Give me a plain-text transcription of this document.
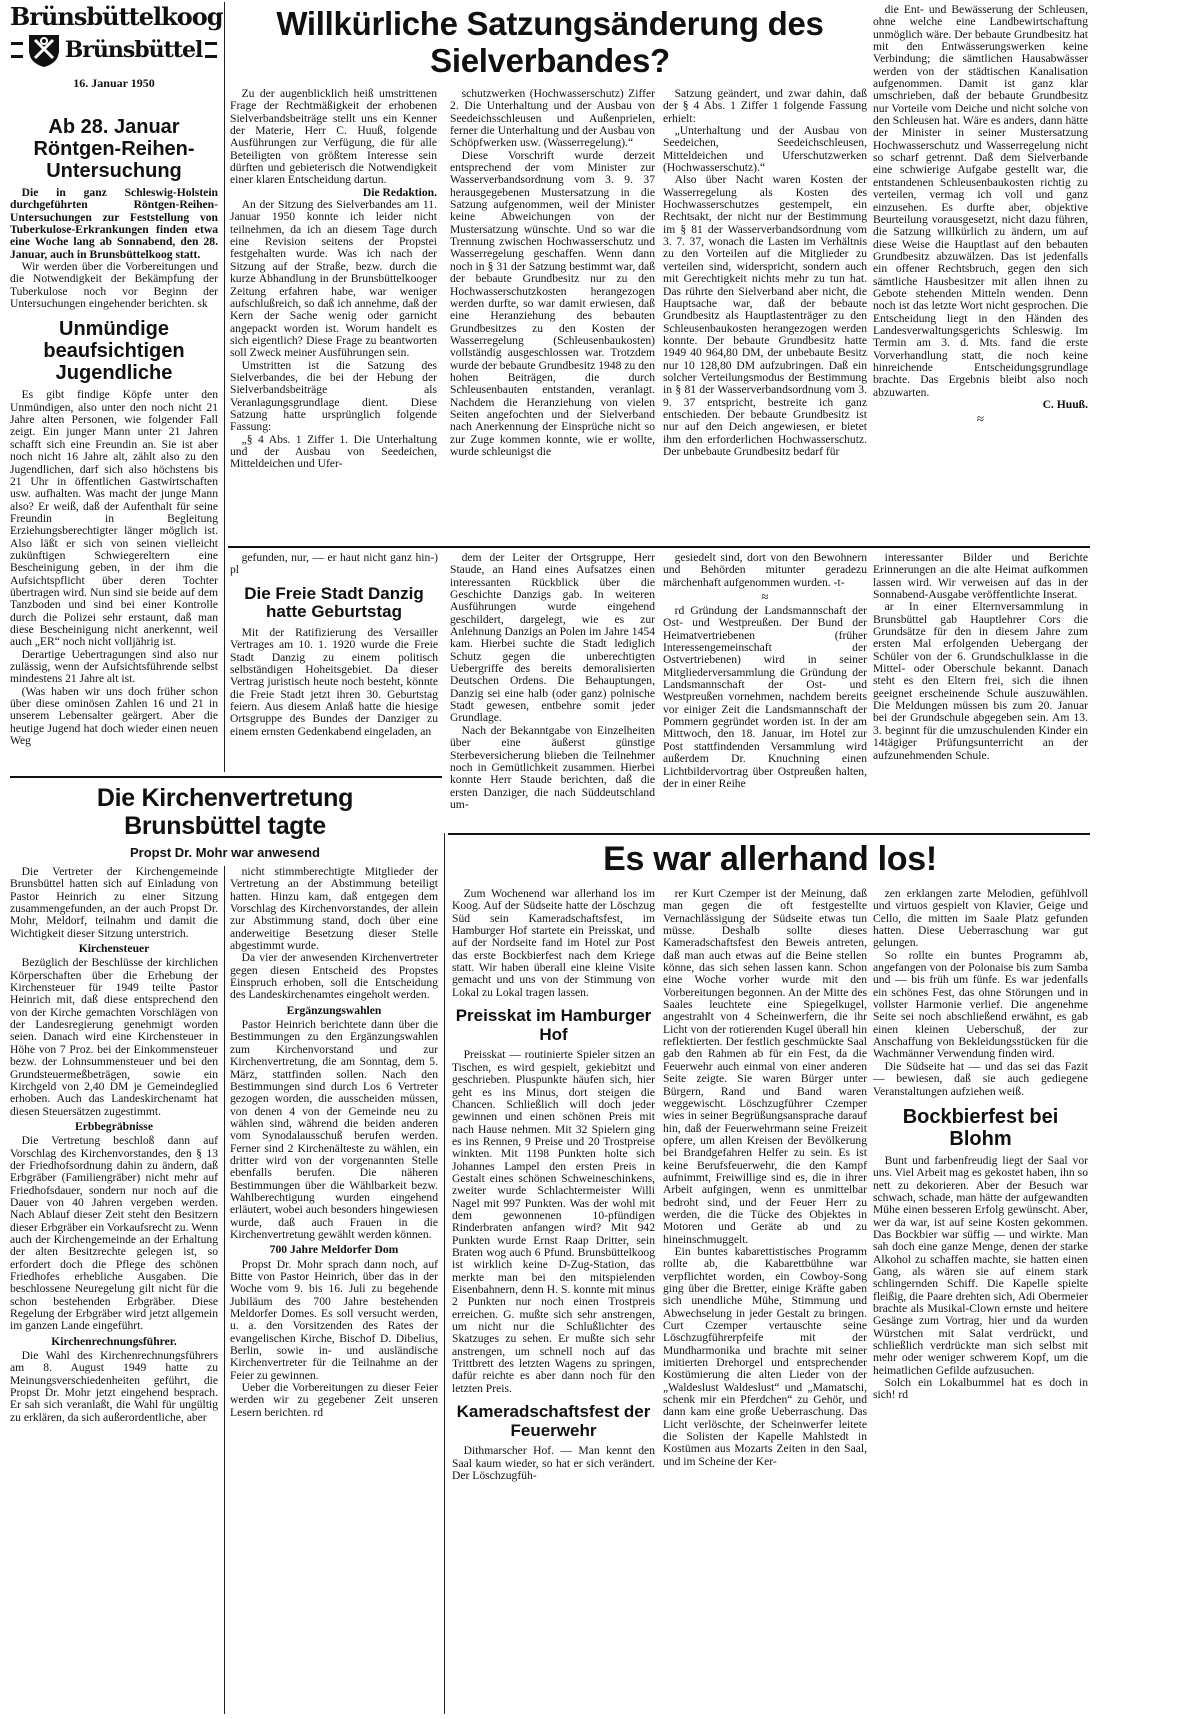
Brünsbüttelkoog
Brünsbüttel
16. Januar 1950
Ab 28. Januar Röntgen-Reihen-Untersuchung

Die in ganz Schleswig-Holstein durchgeführten Röntgen-Reihen-Untersuchungen zur Feststellung von Tuberkulose-Erkrankungen finden etwa eine Woche lang ab Sonnabend, den 28. Januar, auch in Brunsbüttelkoog statt.

Wir werden über die Vorbereitungen und die Notwendigkeit der Bekämpfung der Tuberkulose noch vor Beginn der Untersuchungen eingehender berichten. sk

Unmündige beaufsichtigen Jugendliche

Es gibt findige Köpfe unter den Unmündigen, also unter den noch nicht 21 Jahre alten Personen, wie folgender Fall zeigt. Ein junger Mann unter 21 Jahren schafft sich eine Freundin an. Sie ist aber noch nicht 16 Jahre alt, zählt also zu den Jugendlichen, darf sich also höchstens bis 21 Uhr in öffentlichen Gastwirtschaften usw. aufhalten. Was macht der junge Mann also? Er weiß, daß der Aufenthalt für seine Freundin in Begleitung Erziehungsberechtigter länger möglich ist. Also läßt er sich von seinen vielleicht zukünftigen Schwiegereltern eine Bescheinigung geben, in der ihm die Aufsichtspflicht über deren Tochter übertragen wird. Nun sind sie beide auf dem Tanzboden und sind bei einer Kontrolle durch die Polizei sehr erstaunt, daß man diese Bescheinigung nicht anerkennt, weil auch „ER“ noch nicht volljährig ist.

Derartige Uebertragungen sind also nur zulässig, wenn der Aufsichtsführende selbst mindestens 21 Jahre alt ist.

(Was haben wir uns doch früher schon über diese ominösen Zahlen 16 und 21 in unserem Lebensalter geärgert. Aber die heutige Jugend hat doch wieder einen neuen Weg

Willkürliche Satzungsänderung des Sielverbandes?

Zu der augenblicklich heiß umstrittenen Frage der Rechtmäßigkeit der erhobenen Sielverbandsbeiträge stellt uns ein Kenner der Materie, Herr C. Huuß, folgende Ausführungen zur Verfügung, die für alle Beteiligten von größtem Interesse sein dürften und gebieterisch die Notwendigkeit einer klaren Entscheidung dartun.

Die Redaktion.

An der Sitzung des Sielverbandes am 11. Januar 1950 konnte ich leider nicht teilnehmen, da ich an diesem Tage durch eine Revision seitens der Propstei festgehalten wurde. Was ich nach der Sitzung auf der Straße, bezw. durch die kurze Abhandlung in der Brunsbüttelkooger Zeitung erfahren habe, war weniger aufschlußreich, so daß ich annehme, daß der Kern der Sache wenig oder garnicht angepackt worden ist. Worum handelt es sich eigentlich? Diese Frage zu beantworten soll Zweck meiner Ausführungen sein.

Umstritten ist die Satzung des Sielverbandes, die bei der Hebung der Sielverbandsbeiträge als Veranlagungsgrundlage dient. Diese Satzung hatte ursprünglich folgende Fassung:

„§ 4 Abs. 1 Ziffer 1. Die Unterhaltung und der Ausbau von Seedeichen, Mitteldeichen und Ufer-

schutzwerken (Hochwasserschutz) Ziffer 2. Die Unterhaltung und der Ausbau von Seedeichsschleusen und Außenprielen, ferner die Unterhaltung und der Ausbau von Schöpfwerken usw. (Wasserregelung).“

Diese Vorschrift wurde derzeit entsprechend der vom Minister zur Wasserverbandsordnung vom 3. 9. 37 herausgegebenen Mustersatzung in die Satzung aufgenommen, weil der Minister keine Abweichungen von der Mustersatzung wünschte. Und so war die Trennung zwischen Hochwasserschutz und Wasserregelung geschaffen. Wenn dann noch in § 31 der Satzung bestimmt war, daß der bebaute Grundbesitz nur zu den Hochwasserschutzkosten herangezogen werden durfte, so war damit erwiesen, daß eine Heranziehung des bebauten Grundbesitzes zu den Kosten der Wasserregelung (Schleusenbaukosten) vollständig ausgeschlossen war. Trotzdem wurde der bebaute Grundbesitz 1948 zu den hohen Beiträgen, die durch Schleusenbauten entstanden, veranlagt. Nachdem die Heranziehung von vielen Seiten angefochten und der Sielverband nach Anerkennung der Einsprüche nicht so zur Zuge kommen konnte, wie er wollte, wurde schleunigst die

Satzung geändert, und zwar dahin, daß der § 4 Abs. 1 Ziffer 1 folgende Fassung erhielt:

„Unterhaltung und der Ausbau von Seedeichen, Seedeichschleusen, Mitteldeichen und Uferschutzwerken (Hochwasserschutz).“

Also über Nacht waren Kosten der Wasserregelung als Kosten des Hochwasserschutzes gestempelt, ein Rechtsakt, der nicht nur der Bestimmung im § 81 der Wasserverbandsordnung vom 3. 7. 37, wonach die Lasten im Verhältnis zu den Vorteilen auf die Mitglieder zu verteilen sind, widerspricht, sondern auch mit Gerechtigkeit nichts mehr zu tun hat. Das rührte den Sielverband aber nicht, die Hauptsache war, daß der bebaute Grundbesitz als Hauptlastenträger zu den Schleusenbaukosten herangezogen werden konnte. Der bebaute Grundbesitz hatte 1949 40 964,80 DM, der unbebaute Besitz nur 10 128,80 DM aufzubringen. Daß ein solcher Verteilungsmodus der Bestimmung in § 81 der Wasserverbandsordnung vom 3. 9. 37 entspricht, bestreite ich ganz entschieden. Der bebaute Grundbesitz ist nur auf den Deich angewiesen, er bietet ihm den erforderlichen Hochwasserschutz. Der unbebaute Grundbesitz bedarf für

die Ent- und Bewässerung der Schleusen, ohne welche eine Landbewirtschaftung unmöglich wäre. Der bebaute Grundbesitz hat mit den Entwässerungswerken keine Verbindung; die sämtlichen Hausabwässer werden von der städtischen Kanalisation aufgenommen. Damit ist ganz klar umschrieben, daß der bebaute Grundbesitz nur Vorteile vom Deiche und nicht solche von den Schleusen hat. Wäre es anders, dann hätte der Minister in seiner Mustersatzung Hochwasserschutz und Wasserregelung nicht so scharf getrennt. Daß dem Sielverbande eine schwierige Aufgabe gestellt war, die entstandenen Schleusenbaukosten richtig zu verteilen, vermag ich voll und ganz einzusehen. Es durfte aber, objektive Beurteilung vorausgesetzt, nicht dazu führen, die Satzung willkürlich zu ändern, um auf diese Weise die Hauptlast auf den bebauten Grundbesitz abzuwälzen. Das ist jedenfalls ein offener Rechtsbruch, gegen den sich sämtliche Hausbesitzer mit allen ihnen zu Gebote stehenden Mitteln wenden. Denn noch ist das letzte Wort nicht gesprochen. Die Entscheidung liegt in den Händen des Landesverwaltungsgerichts Schleswig. Im Termin am 3. d. Mts. fand die erste Vorverhandlung statt, die noch keine hinreichende Entscheidungsgrundlage brachte. Das Ergebnis bleibt also noch abzuwarten.

C. Huuß.

≈

gefunden, nur, — er haut nicht ganz hin-) pl

Die Freie Stadt Danzig hatte Geburtstag

Mit der Ratifizierung des Versailler Vertrages am 10. 1. 1920 wurde die Freie Stadt Danzig zu einem politisch selbständigen Hoheitsgebiet. Da dieser Vertrag juristisch heute noch besteht, könnte die Freie Stadt jetzt ihren 30. Geburtstag feiern. Aus diesem Anlaß hatte die hiesige Ortsgruppe des Bundes der Danziger zu einem ernsten Gedenkabend eingeladen, an

dem der Leiter der Ortsgruppe, Herr Staude, an Hand eines Aufsatzes einen interessanten Rückblick über die Geschichte Danzigs gab. In weiteren Ausführungen wurde eingehend geschildert, dargelegt, wie es zur Anlehnung Danzigs an Polen im Jahre 1454 kam. Hierbei suchte die Stadt lediglich Schutz gegen die unberechtigten Uebergriffe des bereits demoralisierten Deutschen Ordens. Die Behauptungen, Danzig sei eine halb (oder ganz) polnische Stadt gewesen, entbehre somit jeder Grundlage.

Nach der Bekanntgabe von Einzelheiten über eine äußerst günstige Sterbeversicherung blieben die Teilnehmer noch in Gemütlichkeit zusammen. Hierbei konnte Herr Staude berichten, daß die ersten Danziger, die nach Süddeutschland um-

gesiedelt sind, dort von den Bewohnern und Behörden mitunter geradezu märchenhaft aufgenommen wurden. -t-

≈

rd Gründung der Landsmannschaft der Ost- und Westpreußen. Der Bund der Heimatvertriebenen (früher Interessengemeinschaft der Ostvertriebenen) wird in seiner Mitgliederversammlung die Gründung der Landsmannschaft der Ost- und Westpreußen vornehmen, nachdem bereits vor einiger Zeit die Landsmannschaft der Pommern gegründet worden ist. In der am Mittwoch, den 18. Januar, im Hotel zur Post stattfindenden Versammlung wird außerdem Dr. Knuchning einen Lichtbildervortrag über Ostpreußen halten, der in einer Reihe

interessanter Bilder und Berichte Erinnerungen an die alte Heimat aufkommen lassen wird. Wir verweisen auf das in der Sonnabend-Ausgabe veröffentlichte Inserat.

ar In einer Elternversammlung in Brunsbüttel gab Hauptlehrer Cors die Grundsätze für den in diesem Jahre zum ersten Mal erfolgenden Uebergang der Schüler von der 6. Grundschulklasse in die Mittel- oder Oberschule bekannt. Danach steht es den Eltern frei, sich die ihnen geeignet erscheinende Schule auszuwählen. Die Meldungen müssen bis zum 20. Januar bei der Grundschule abgegeben sein. Am 13. 3. beginnt für die umzuschulenden Kinder ein 14tägiger Prüfungsunterricht an der aufzunehmenden Schule.

Die Kirchenvertretung Brunsbüttel tagte
Propst Dr. Mohr war anwesend

Die Vertreter der Kirchengemeinde Brunsbüttel hatten sich auf Einladung von Pastor Heinrich zu einer Sitzung zusammengefunden, an der auch Propst Dr. Mohr, Meldorf, teilnahm und damit die Wichtigkeit dieser Sitzung unterstrich.

Kirchensteuer

Bezüglich der Beschlüsse der kirchlichen Körperschaften über die Erhebung der Kirchensteuer für 1949 teilte Pastor Heinrich mit, daß diese entsprechend den von der Kirche gemachten Vorschlägen von der Landesregierung genehmigt worden seien. Danach wird eine Kirchensteuer in Höhe von 7 Proz. bei der Einkommensteuer bezw. der Lohnsummensteuer und bei den Grundsteuermeßbeträgen, sowie ein Kirchgeld von 2,40 DM je Gemeindeglied erhoben. Auch das Landeskirchenamt hat diesen Steuersätzen zugestimmt.

Erbbegräbnisse

Die Vertretung beschloß dann auf Vorschlag des Kirchenvorstandes, den § 13 der Friedhofsordnung dahin zu ändern, daß Erbgräber (Familiengräber) nicht mehr auf Friedhofsdauer, sondern nur noch auf die Dauer von 40 Jahren vergeben werden. Nach Ablauf dieser Zeit steht den Besitzern dieser Erbgräber ein Vorkaufsrecht zu. Wenn auch der Kirchengemeinde an der Erhaltung der alten Besitzrechte gelegen ist, so erfordert doch die Pflege des schönen Friedhofes erhebliche Ausgaben. Die beschlossene Neuregelung gilt nicht für die schon bestehenden Erbgräber. Diese Regelung der Erbgräber wird jetzt allgemein im ganzen Lande eingeführt.

Kirchenrechnungsführer.

Die Wahl des Kirchenrechnungsführers am 8. August 1949 hatte zu Meinungsverschiedenheiten geführt, die Propst Dr. Mohr jetzt eingehend besprach. Er sah sich veranlaßt, die Wahl für ungültig zu erklären, da sich außerordentliche, aber

nicht stimmberechtigte Mitglieder der Vertretung an der Abstimmung beteiligt hatten. Hinzu kam, daß entgegen dem Vorschlag des Kirchenvorstandes, der allein zur Abstimmung stand, doch über eine anderweitige Besetzung dieser Stelle abgestimmt wurde.

Da vier der anwesenden Kirchenvertreter gegen diesen Entscheid des Propstes Einspruch erhoben, soll die Entscheidung des Landeskirchenamtes eingeholt werden.

Ergänzungswahlen

Pastor Heinrich berichtete dann über die Bestimmungen zu den Ergänzungswahlen zum Kirchenvorstand und zur Kirchenvertretung, die am Sonntag, dem 5. März, stattfinden sollen. Nach den Bestimmungen sind durch Los 6 Vertreter gezogen worden, die ausscheiden müssen, von denen 4 von der Gemeinde neu zu wählen sind, während die beiden anderen vom Synodalausschuß berufen werden. Ferner sind 2 Kirchenälteste zu wählen, ein dritter wird von der vorgenannten Stelle ebenfalls berufen. Die näheren Bestimmungen über die Wählbarkeit bezw. Wahlberechtigung wurden eingehend erläutert, wobei auch besonders hingewiesen wurde, daß auch Frauen in die Kirchenvertretung gewählt werden können.

700 Jahre Meldorfer Dom

Propst Dr. Mohr sprach dann noch, auf Bitte von Pastor Heinrich, über das in der Woche vom 9. bis 16. Juli zu begehende Jubiläum des 700 Jahre bestehenden Meldorfer Domes. Es soll versucht werden, u. a. den Vorsitzenden des Rates der evangelischen Kirche, Bischof D. Dibelius, Berlin, sowie in- und ausländische Kirchenvertreter für die Teilnahme an der Feier zu gewinnen.

Ueber die Vorbereitungen zu dieser Feier werden wir zu gegebener Zeit unseren Lesern berichten. rd

Es war allerhand los!

Zum Wochenend war allerhand los im Koog. Auf der Südseite hatte der Löschzug Süd sein Kameradschaftsfest, im Hamburger Hof startete ein Preisskat, und auf der Nordseite fand im Hotel zur Post das erste Bockbierfest nach dem Kriege statt. Wir haben überall eine kleine Visite gemacht und uns von der Stimmung von Lokal zu Lokal tragen lassen.

Preisskat im Hamburger Hof

Preisskat — routinierte Spieler sitzen an Tischen, es wird gespielt, gekiebitzt und geschrieben. Pluspunkte häufen sich, hier geht es ins Minus, dort steigen die Chancen. Schließlich will doch jeder gewinnen und einen schönen Preis mit nach Hause nehmen. Mit 32 Spielern ging es ins Rennen, 9 Preise und 20 Trostpreise winkten. Mit 1198 Punkten holte sich Johannes Lampel den ersten Preis in Gestalt eines schönen Schweineschinkens, zweiter wurde Schlachtermeister Willi Nagel mit 997 Punkten. Was der wohl mit dem gewonnenen 10-pfündigen Rinderbraten anfangen wird? Mit 942 Punkten wurde Ernst Raap Dritter, sein Braten wog auch 6 Pfund. Brunsbüttelkoog ist wirklich keine D-Zug-Station, das merkte man bei den mitspielenden Eisenbahnern, denn H. S. konnte mit minus 2 Punkten nur noch einen Trostpreis erreichen. G. mußte sich sehr anstrengen, um nicht nur die Schlußlichter des Skatzuges zu sehen. Er mußte sich sehr anstrengen, um schnell noch auf das Trittbrett des letzten Wagens zu springen, dafür reichte es aber dann noch für den letzten Preis.

Kameradschaftsfest der Feuerwehr

Dithmarscher Hof. — Man kennt den Saal kaum wieder, so hat er sich verändert. Der Löschzugfüh-

rer Kurt Czemper ist der Meinung, daß man gegen die oft festgestellte Vernachlässigung der Südseite etwas tun müsse. Deshalb sollte dieses Kameradschaftsfest den Beweis antreten, daß man auch etwas auf die Beine stellen könne, das sich sehen lassen kann. Schon eine Woche vorher wurde mit den Vorbereitungen begonnen. An der Mitte des Saales leuchtete eine Spiegelkugel, angestrahlt von 4 Scheinwerfern, die ihr Licht von der rotierenden Kugel überall hin reflektierten. Der festlich geschmückte Saal gab den Rahmen ab für ein Fest, da die Feuerwehr auch einmal von einer anderen Seite zeigte. Sie waren Bürger unter Bürgern, Rand und Band waren weggewischt. Löschzugführer Czemper wies in seiner Begrüßungsansprache darauf hin, daß der Feuerwehrmann seine Freizeit opfere, um allen Kreisen der Bevölkerung bei Brandgefahren Helfer zu sein. Es ist keine Berufsfeuerwehr, die den Kampf aufnimmt, Freiwillige sind es, die in ihrer Arbeit aufgingen, wenn es unmittelbar bedroht sind, und der Feuer Herr zu werden, die die Tücke des Objektes in Motoren und Geräte ab und zu hineinschmuggelt.

Ein buntes kabarettistisches Programm rollte ab, die Kabarettbühne war verpflichtet worden, ein Cowboy-Song ging über die Bretter, einige Kräfte gaben sich unendliche Mühe, Stimmung und Abwechselung in jeder Gestalt zu bringen. Curt Czemper vertauschte seine Löschzugführerpfeife mit der Mundharmonika und brachte mit seiner imitierten Drehorgel und entsprechender Kostümierung die alten Lieder von der „Waldeslust Waldeslust“ und „Mamatschi, schenk mir ein Pferdchen“ zu Gehör, und dann kam eine große Ueberraschung. Das Licht verlöschte, der Scheinwerfer leitete die Solisten der Kapelle Mahlstedt in Kostümen aus Mozarts Zeiten in den Saal, und im Scheine der Ker-

zen erklangen zarte Melodien, gefühlvoll und virtuos gespielt von Klavier, Geige und Cello, die mitten im Saale Platz gefunden hatten. Diese Ueberraschung war gut gelungen.

So rollte ein buntes Programm ab, angefangen von der Polonaise bis zum Samba und — bis früh um fünfe. Es war jedenfalls ein schönes Fest, das ohne Störungen und in vollster Harmonie verlief. Die angenehme Seite sei noch abschließend erwähnt, es gab einen kleinen Ueberschuß, der zur Anschaffung von Bekleidungsstücken für die Wachmänner Verwendung finden wird.

Die Südseite hat — und das sei das Fazit — bewiesen, daß sie auch gediegene Veranstaltungen aufziehen weiß.

Bockbierfest bei Blohm

Bunt und farbenfreudig liegt der Saal vor uns. Viel Arbeit mag es gekostet haben, ihn so nett zu dekorieren. Aber der Besuch war schwach, schade, man hätte der aufgewandten Mühe einen besseren Erfolg gewünscht. Aber, wer da war, ist auf seine Kosten gekommen. Das Bockbier war süffig — und wirkte. Man sah doch eine ganze Menge, denen der starke Alkohol zu schaffen machte, sie hatten einen Gang, als wären sie auf einem stark schlingernden Schiff. Die Kapelle spielte fleißig, die Paare drehten sich, Adi Obermeier brachte als Musikal-Clown ernste und heitere Gesänge zum Vortrag, hier und da wurden Würstchen mit Salat verdrückt, und schließlich verdrückte man sich selbst mit mehr oder weniger schwerem Kopf, um die heimatlichen Gefilde aufzusuchen.

Solch ein Lokalbummel hat es doch in sich! rd
